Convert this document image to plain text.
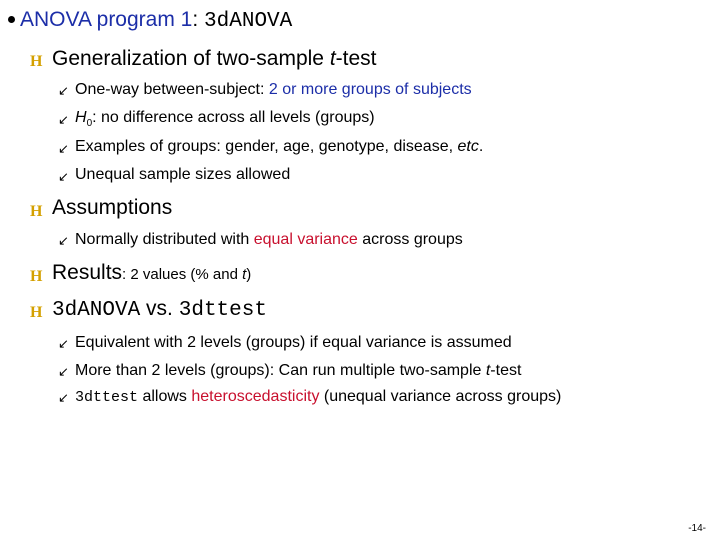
ANOVA program 1: 3dANOVA
H Generalization of two-sample t-test
↙ One-way between-subject: 2 or more groups of subjects
↙ $H_0$: no difference across all levels (groups)
↙ Examples of groups: gender, age, genotype, disease, etc.
↙ Unequal sample sizes allowed
H Assumptions
↙ Normally distributed with equal variance across groups
H Results: 2 values (% and t)
H 3dANOVA vs. 3dttest
↙ Equivalent with 2 levels (groups) if equal variance is assumed
↙ More than 2 levels (groups): Can run multiple two-sample t-test
↙ 3dttest allows heteroscedasticity (unequal variance across groups)
-14-
